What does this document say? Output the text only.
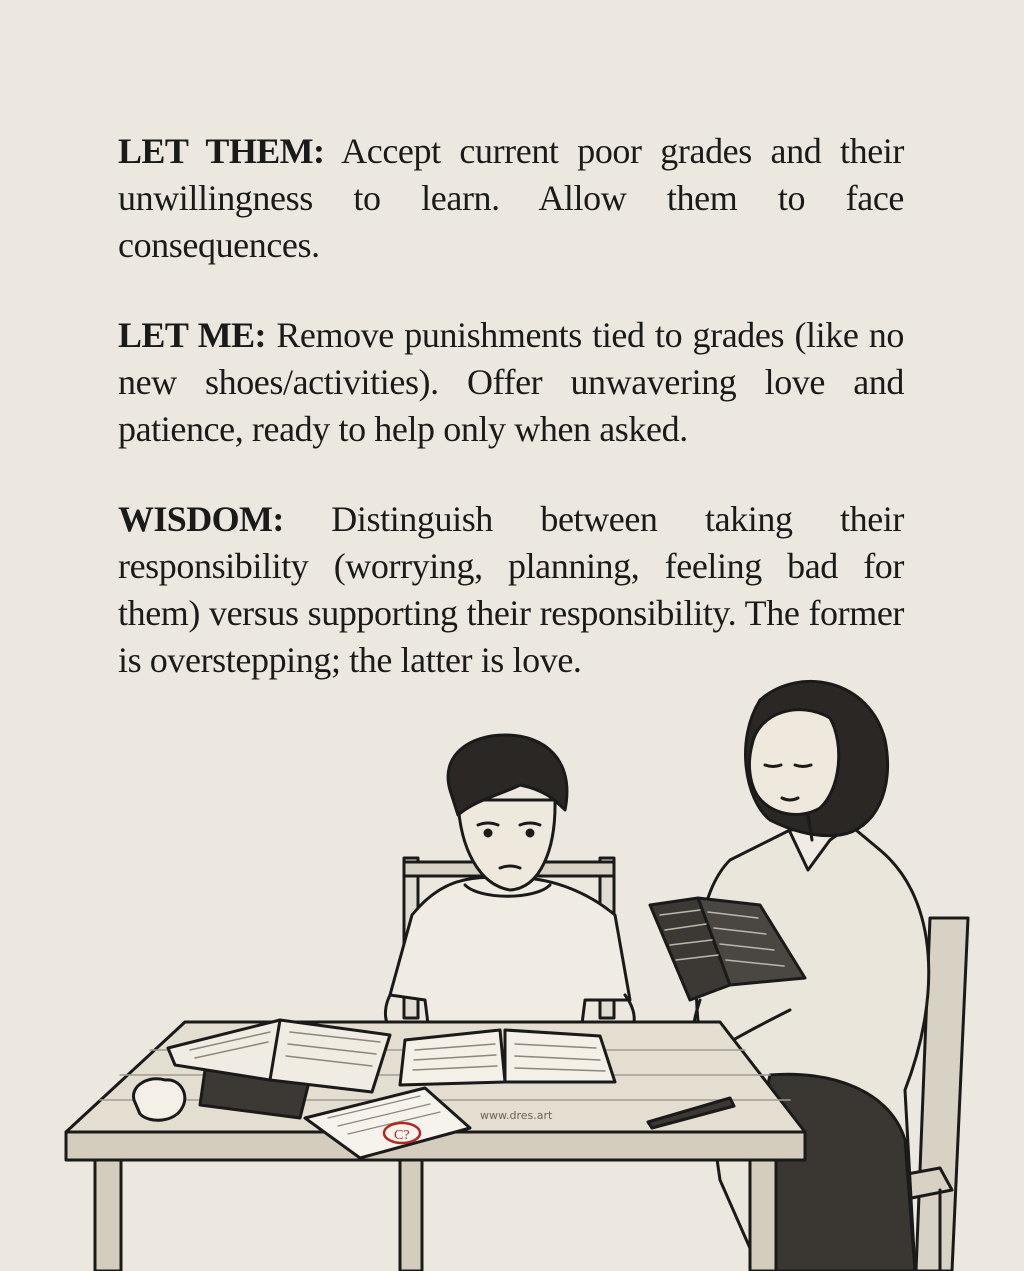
LET THEM: Accept current poor grades and their unwillingness to learn. Allow them to face consequences.

LET ME: Remove punishments tied to grades (like no new shoes/activities). Offer unwavering love and patience, ready to help only when asked.

WISDOM: Distinguish between taking their responsibility (worrying, planning, feeling bad for them) versus supporting their responsibility. The former is overstepping; the latter is love.

C?
www.dres.art
